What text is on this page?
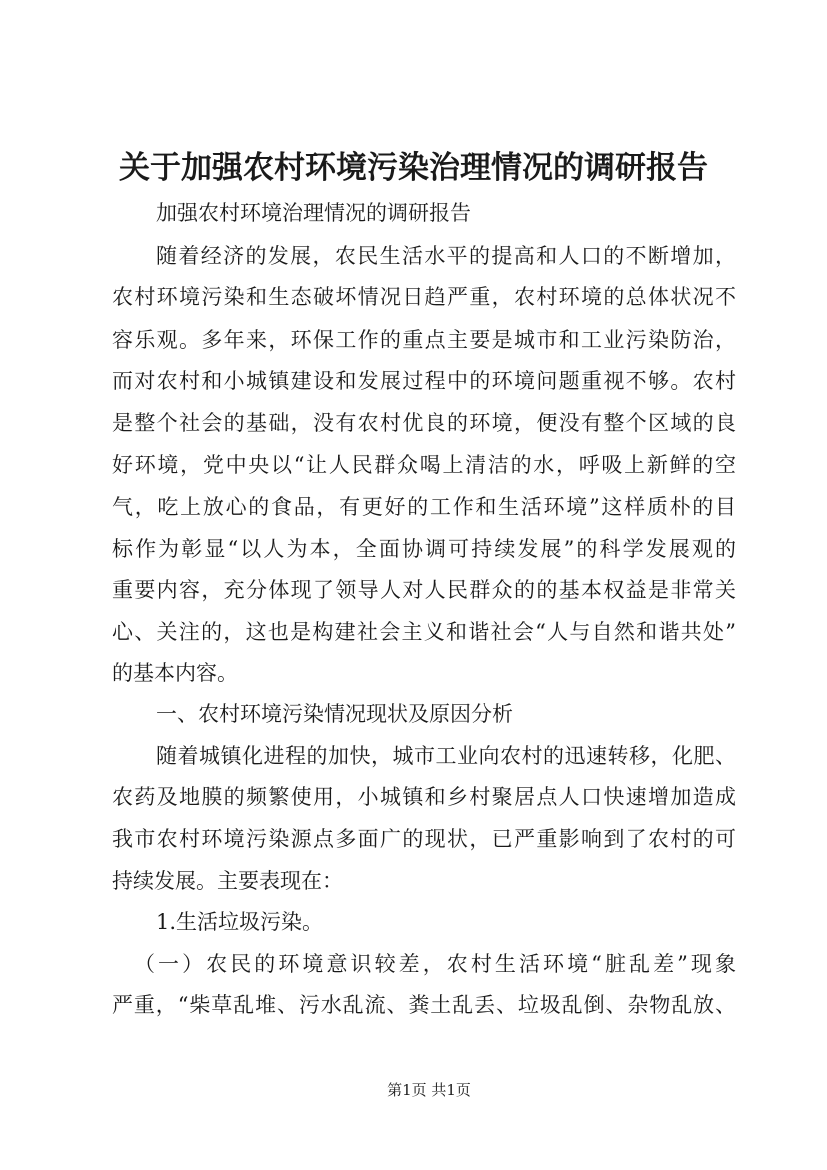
关于加强农村环境污染治理情况的调研报告
加强农村环境治理情况的调研报告
随着经济的发展，农民生活水平的提高和人口的不断增加，
农村环境污染和生态破坏情况日趋严重，农村环境的总体状况不
容乐观。多年来，环保工作的重点主要是城市和工业污染防治，
而对农村和小城镇建设和发展过程中的环境问题重视不够。农村
是整个社会的基础，没有农村优良的环境，便没有整个区域的良
好环境，党中央以“让人民群众喝上清洁的水，呼吸上新鲜的空
气，吃上放心的食品，有更好的工作和生活环境”这样质朴的目
标作为彰显“以人为本，全面协调可持续发展”的科学发展观的
重要内容，充分体现了领导人对人民群众的的基本权益是非常关
心、关注的，这也是构建社会主义和谐社会“人与自然和谐共处”
的基本内容。
一、农村环境污染情况现状及原因分析
随着城镇化进程的加快，城市工业向农村的迅速转移，化肥、
农药及地膜的频繁使用，小城镇和乡村聚居点人口快速增加造成
我市农村环境污染源点多面广的现状，已严重影响到了农村的可
持续发展。主要表现在：
1.生活垃圾污染。
（一）农民的环境意识较差，农村生活环境“脏乱差”现象
严重，“柴草乱堆、污水乱流、粪土乱丢、垃圾乱倒、杂物乱放、
第1页 共1页
